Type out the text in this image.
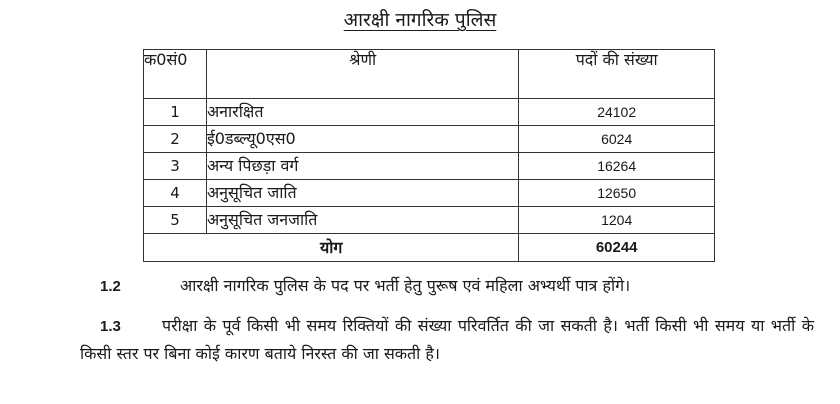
आरक्षी नागरिक पुलिस
क0सं0	श्रेणी	पदों की संख्या
1	अनारक्षित	24102
2	ई0डब्ल्यू0एस0	6024
3	अन्य पिछड़ा वर्ग	16264
4	अनुसूचित जाति	12650
5	अनुसूचित जनजाति	1204
योग		60244
1.2	आरक्षी नागरिक पुलिस के पद पर भर्ती हेतु पुरूष एवं महिला अभ्यर्थी पात्र होंगे।
1.3	परीक्षा के पूर्व किसी भी समय रिक्तियों की संख्या परिवर्तित की जा सकती है। भर्ती किसी भी समय या भर्ती के किसी स्तर पर बिना कोई कारण बताये निरस्त की जा सकती है।
